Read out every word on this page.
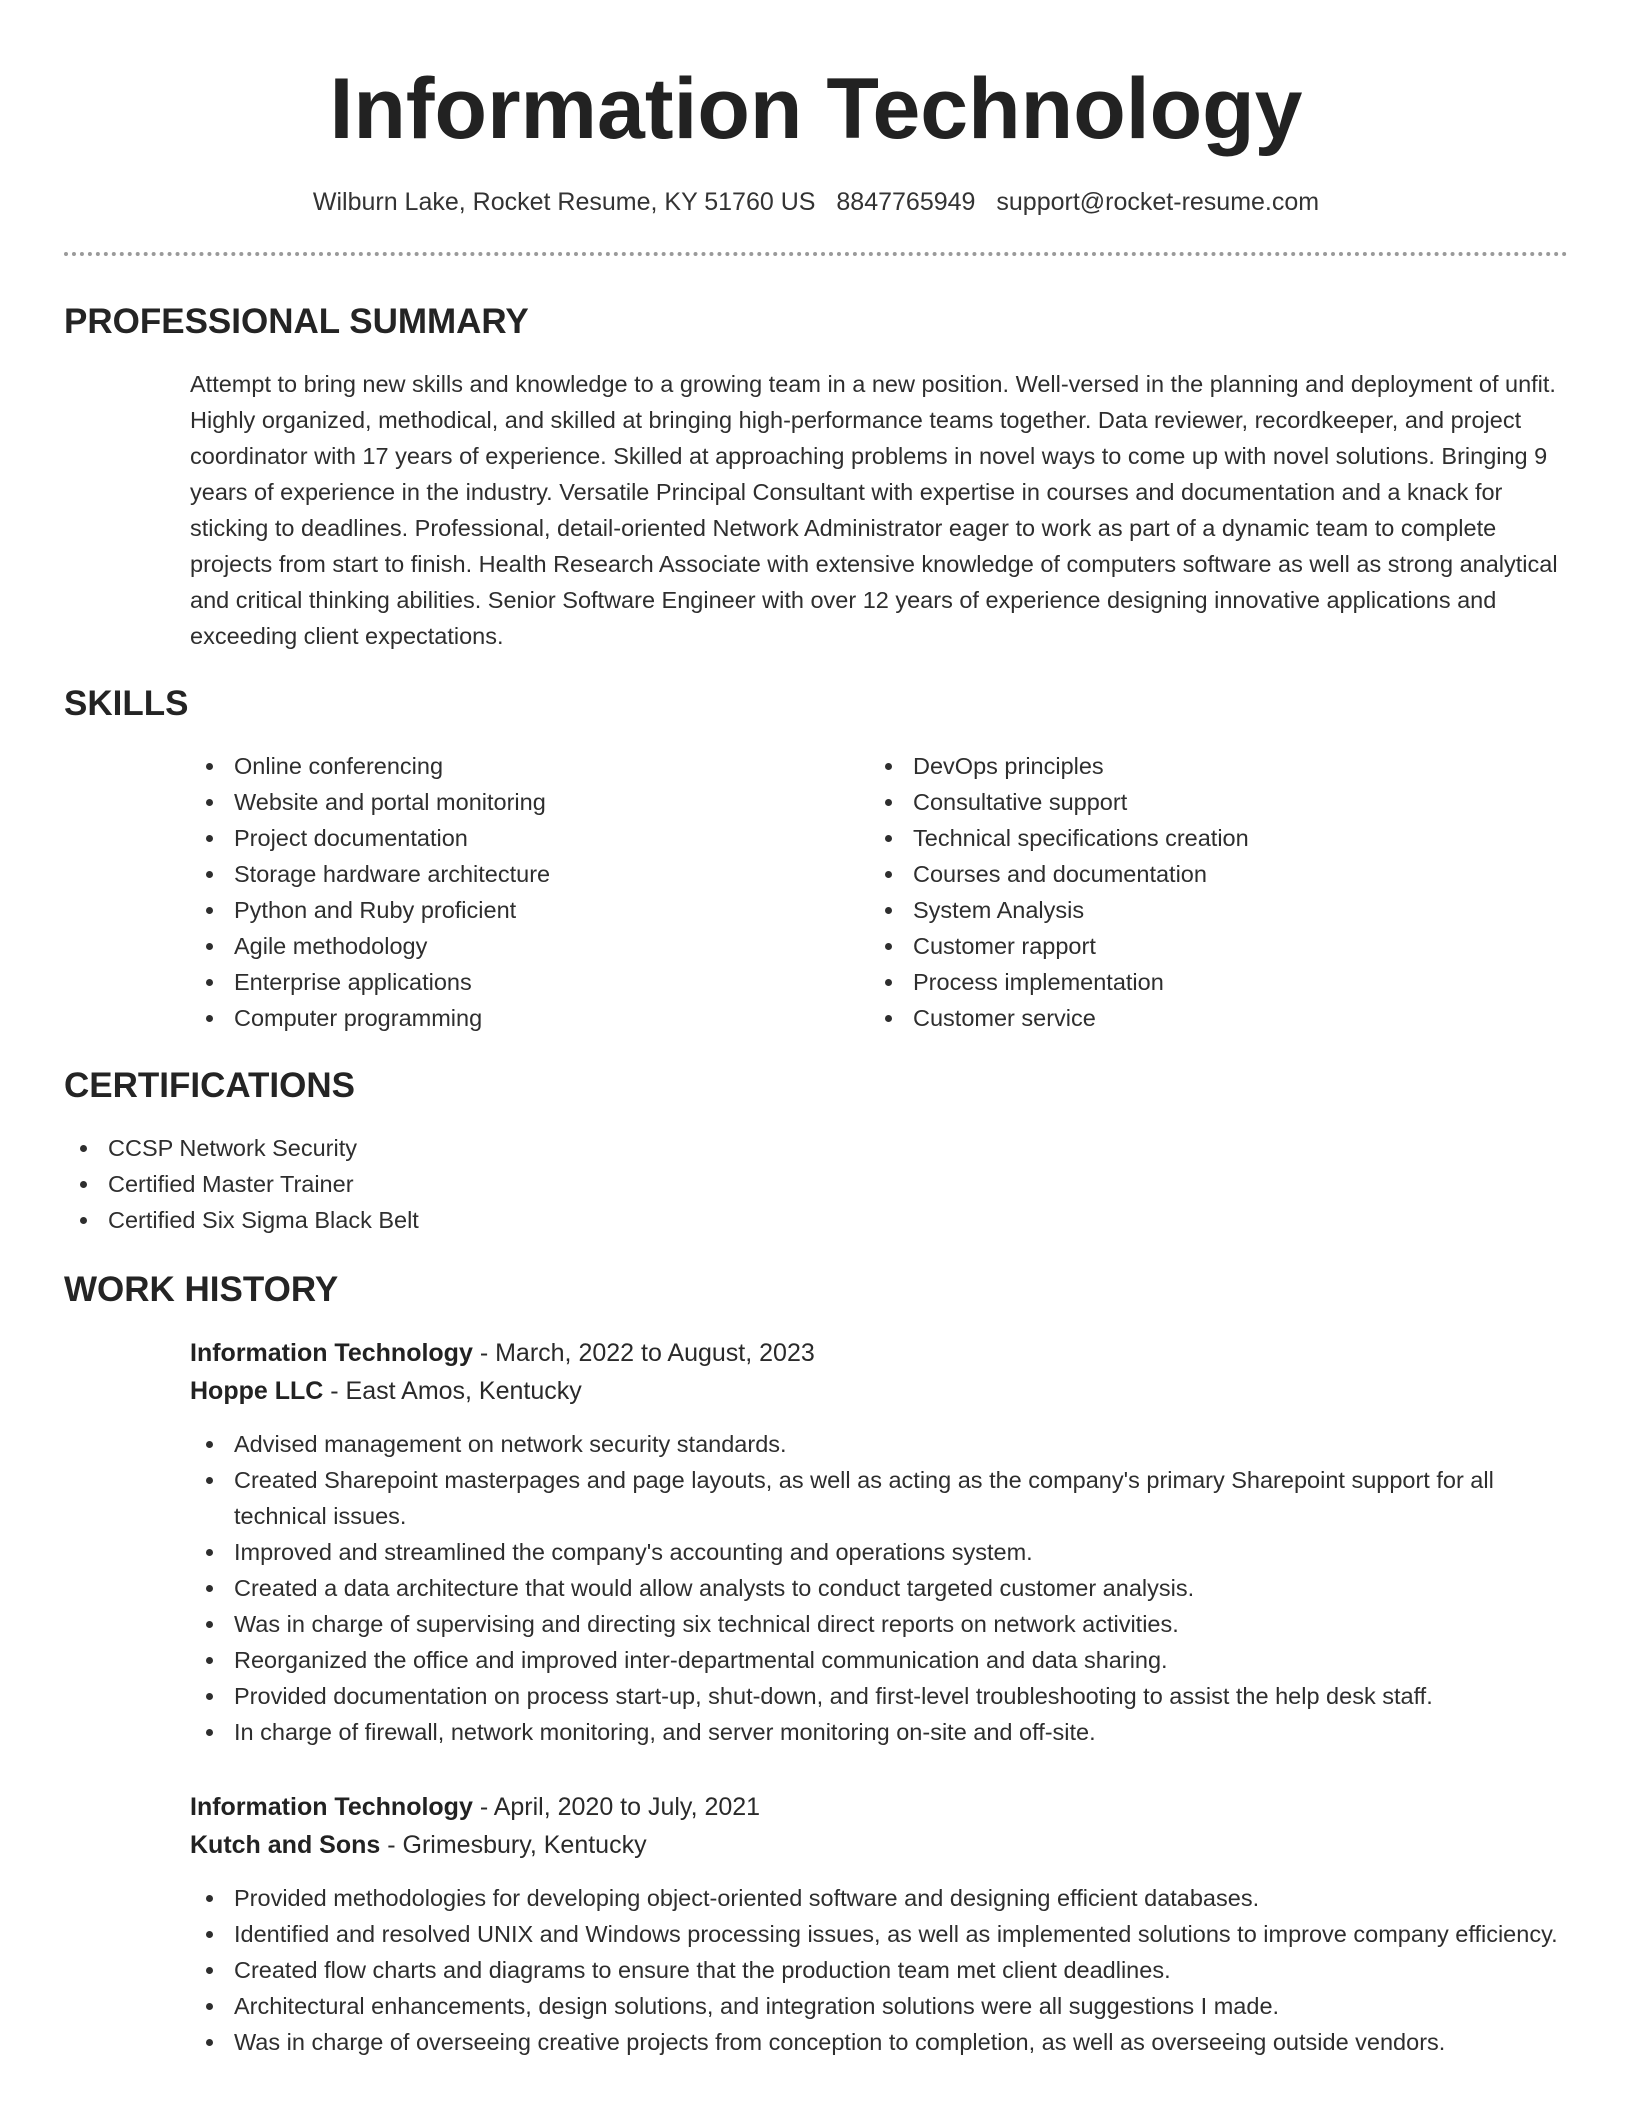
Information Technology
Wilburn Lake, Rocket Resume, KY 51760 US 8847765949 support@rocket-resume.com
PROFESSIONAL SUMMARY
Attempt to bring new skills and knowledge to a growing team in a new position. Well-versed in the planning and deployment of unfit. Highly organized, methodical, and skilled at bringing high-performance teams together. Data reviewer, recordkeeper, and project coordinator with 17 years of experience. Skilled at approaching problems in novel ways to come up with novel solutions. Bringing 9 years of experience in the industry. Versatile Principal Consultant with expertise in courses and documentation and a knack for sticking to deadlines. Professional, detail-oriented Network Administrator eager to work as part of a dynamic team to complete projects from start to finish. Health Research Associate with extensive knowledge of computers software as well as strong analytical and critical thinking abilities. Senior Software Engineer with over 12 years of experience designing innovative applications and exceeding client expectations.
SKILLS
Online conferencing
Website and portal monitoring
Project documentation
Storage hardware architecture
Python and Ruby proficient
Agile methodology
Enterprise applications
Computer programming
DevOps principles
Consultative support
Technical specifications creation
Courses and documentation
System Analysis
Customer rapport
Process implementation
Customer service
CERTIFICATIONS
CCSP Network Security
Certified Master Trainer
Certified Six Sigma Black Belt
WORK HISTORY
Information Technology - March, 2022 to August, 2023
Hoppe LLC - East Amos, Kentucky
Advised management on network security standards.
Created Sharepoint masterpages and page layouts, as well as acting as the company's primary Sharepoint support for all technical issues.
Improved and streamlined the company's accounting and operations system.
Created a data architecture that would allow analysts to conduct targeted customer analysis.
Was in charge of supervising and directing six technical direct reports on network activities.
Reorganized the office and improved inter-departmental communication and data sharing.
Provided documentation on process start-up, shut-down, and first-level troubleshooting to assist the help desk staff.
In charge of firewall, network monitoring, and server monitoring on-site and off-site.
Information Technology - April, 2020 to July, 2021
Kutch and Sons - Grimesbury, Kentucky
Provided methodologies for developing object-oriented software and designing efficient databases.
Identified and resolved UNIX and Windows processing issues, as well as implemented solutions to improve company efficiency.
Created flow charts and diagrams to ensure that the production team met client deadlines.
Architectural enhancements, design solutions, and integration solutions were all suggestions I made.
Was in charge of overseeing creative projects from conception to completion, as well as overseeing outside vendors.
